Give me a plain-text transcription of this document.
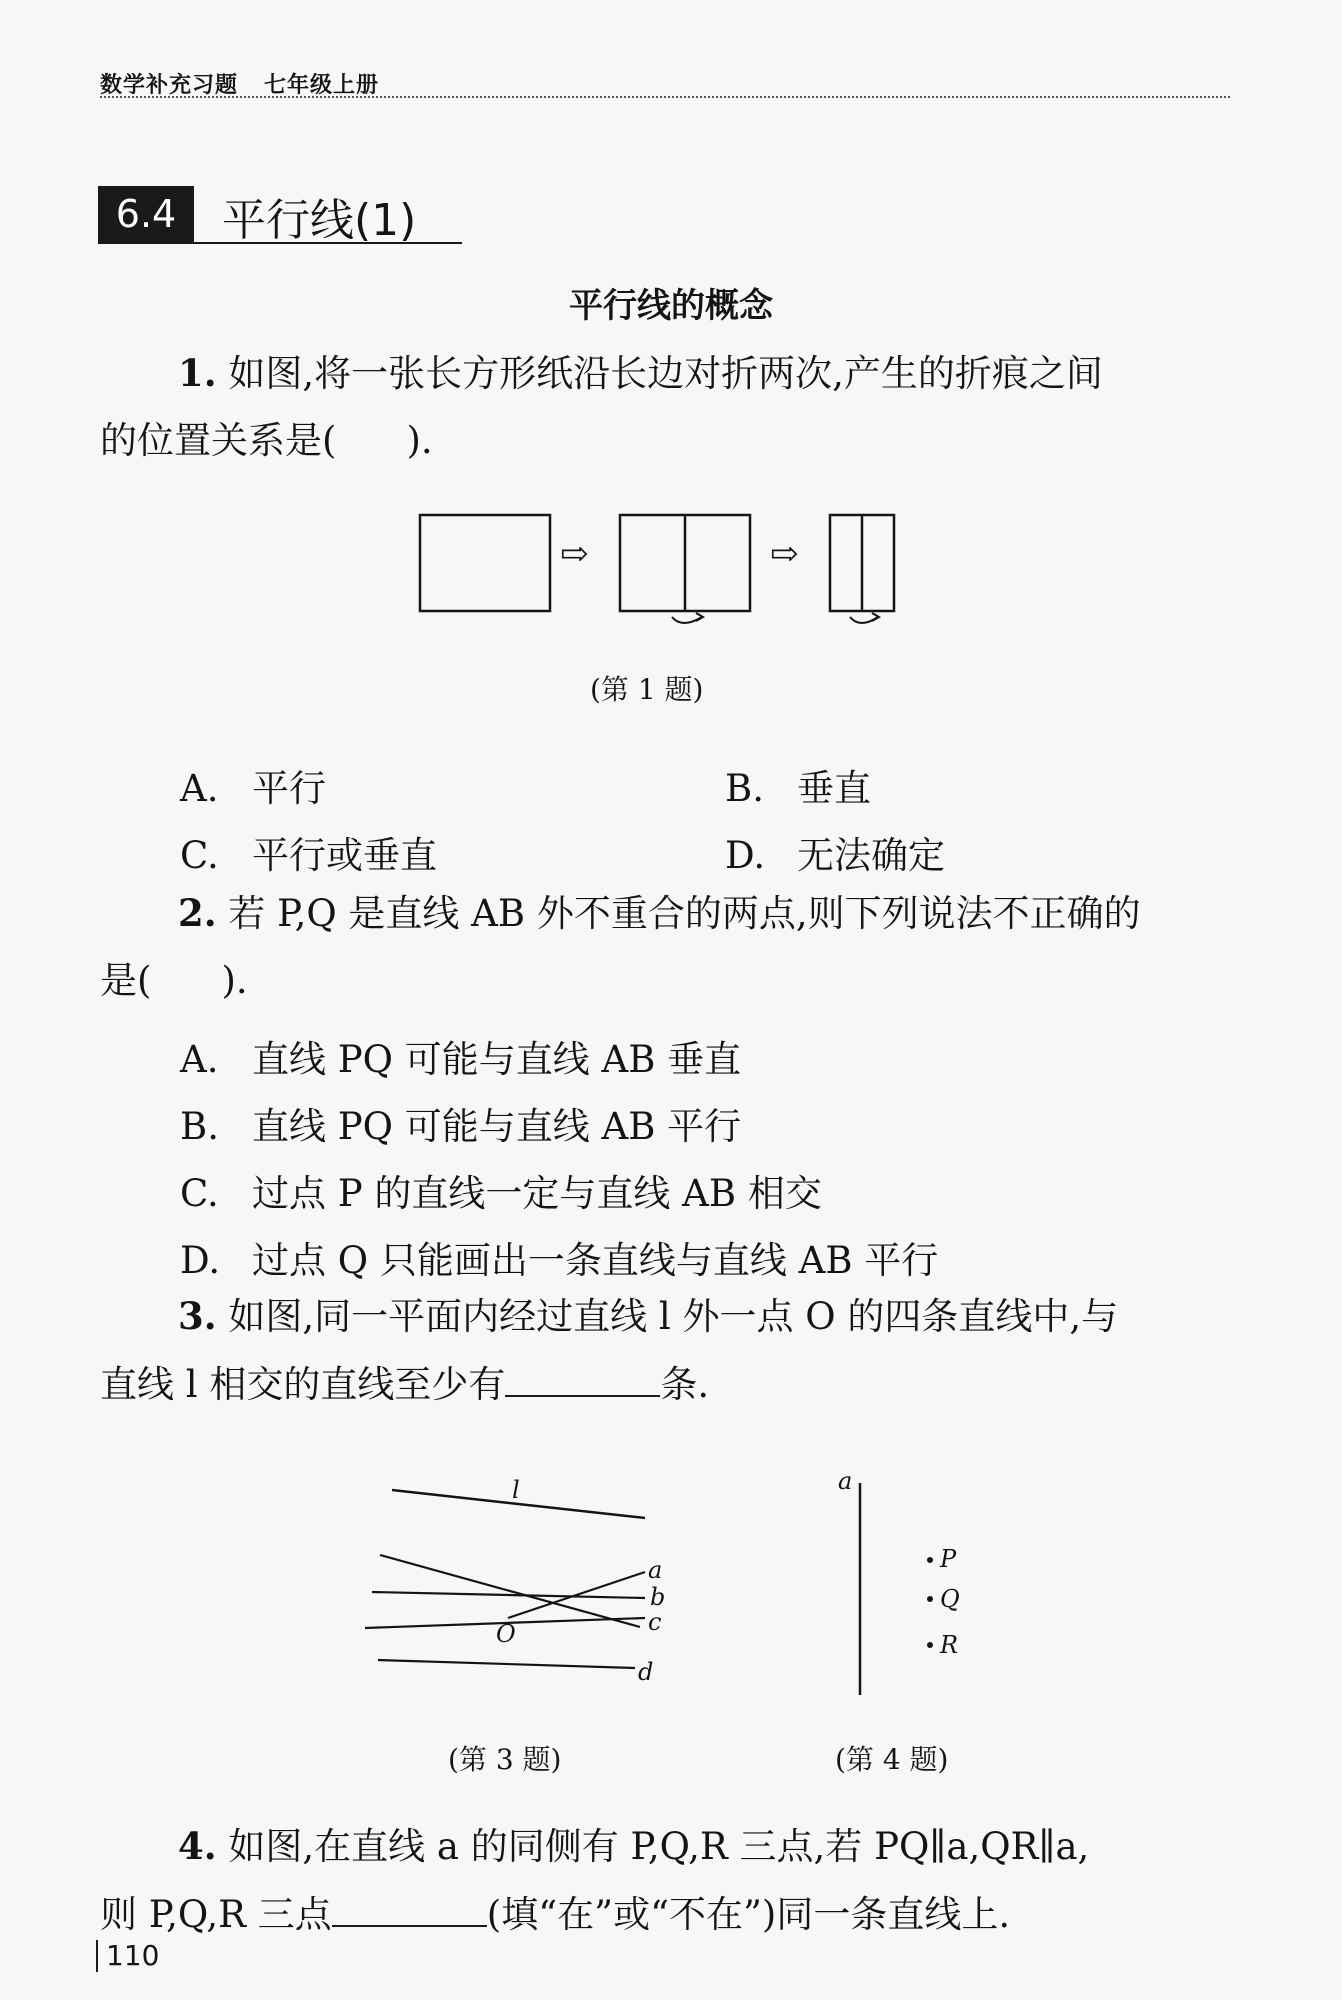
数学补充习题 七年级上册
6.4	平行线(1)
平行线的概念
1. 如图,将一张长方形纸沿长边对折两次,产生的折痕之间
的位置关系是( ).
⇨	⇨
(第 1 题)
A. 平行	B. 垂直
C. 平行或垂直	D. 无法确定
2. 若 P,Q 是直线 AB 外不重合的两点,则下列说法不正确的
是( ).
A. 直线 PQ 可能与直线 AB 垂直
B. 直线 PQ 可能与直线 AB 平行
C. 过点 P 的直线一定与直线 AB 相交
D. 过点 Q 只能画出一条直线与直线 AB 平行
3. 如图,同一平面内经过直线 l 外一点 O 的四条直线中,与
直线 l 相交的直线至少有	条.
l
a
b
c
d
O
(第 3 题)
a
P
Q
R
(第 4 题)
4. 如图,在直线 a 的同侧有 P,Q,R 三点,若 PQ∥a,QR∥a,
则 P,Q,R 三点	(填“在”或“不在”)同一条直线上.
110
